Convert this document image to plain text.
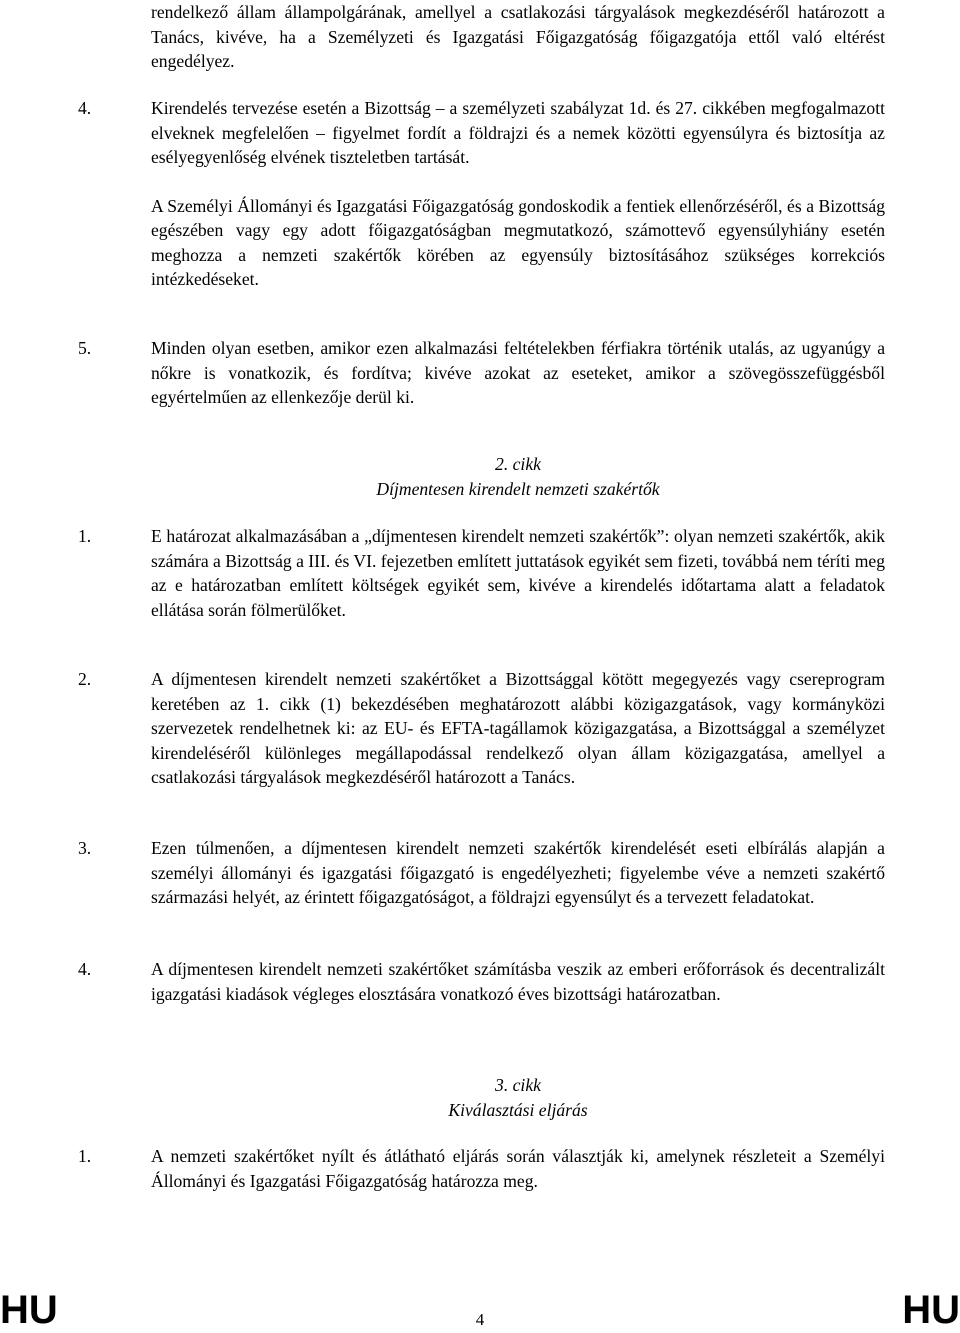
rendelkező állam állampolgárának, amellyel a csatlakozási tárgyalások megkezdéséről határozott a Tanács, kivéve, ha a Személyzeti és Igazgatási Főigazgatóság főigazgatója ettől való eltérést engedélyez.

4.	Kirendelés tervezése esetén a Bizottság – a személyzeti szabályzat 1d. és 27. cikkében megfogalmazott elveknek megfelelően – figyelmet fordít a földrajzi és a nemek közötti egyensúlyra és biztosítja az esélyegyenlőség elvének tiszteletben tartását.

A Személyi Állományi és Igazgatási Főigazgatóság gondoskodik a fentiek ellenőrzéséről, és a Bizottság egészében vagy egy adott főigazgatóságban megmutatkozó, számottevő egyensúlyhiány esetén meghozza a nemzeti szakértők körében az egyensúly biztosításához szükséges korrekciós intézkedéseket.

5.	Minden olyan esetben, amikor ezen alkalmazási feltételekben férfiakra történik utalás, az ugyanúgy a nőkre is vonatkozik, és fordítva; kivéve azokat az eseteket, amikor a szövegösszefüggésből egyértelműen az ellenkezője derül ki.

2. cikk
Díjmentesen kirendelt nemzeti szakértők
1.	E határozat alkalmazásában a „díjmentesen kirendelt nemzeti szakértők”: olyan nemzeti szakértők, akik számára a Bizottság a III. és VI. fejezetben említett juttatások egyikét sem fizeti, továbbá nem téríti meg az e határozatban említett költségek egyikét sem, kivéve a kirendelés időtartama alatt a feladatok ellátása során fölmerülőket.

2.	A díjmentesen kirendelt nemzeti szakértőket a Bizottsággal kötött megegyezés vagy csereprogram keretében az 1. cikk (1) bekezdésében meghatározott alábbi közigazgatások, vagy kormányközi szervezetek rendelhetnek ki: az EU- és EFTA-tagállamok közigazgatása, a Bizottsággal a személyzet kirendeléséről különleges megállapodással rendelkező olyan állam közigazgatása, amellyel a csatlakozási tárgyalások megkezdéséről határozott a Tanács.

3.	Ezen túlmenően, a díjmentesen kirendelt nemzeti szakértők kirendelését eseti elbírálás alapján a személyi állományi és igazgatási főigazgató is engedélyezheti; figyelembe véve a nemzeti szakértő származási helyét, az érintett főigazgatóságot, a földrajzi egyensúlyt és a tervezett feladatokat.

4.	A díjmentesen kirendelt nemzeti szakértőket számításba veszik az emberi erőforrások és decentralizált igazgatási kiadások végleges elosztására vonatkozó éves bizottsági határozatban.

3. cikk
Kiválasztási eljárás
1.	A nemzeti szakértőket nyílt és átlátható eljárás során választják ki, amelynek részleteit a Személyi Állományi és Igazgatási Főigazgatóság határozza meg.

HU	4	HU
